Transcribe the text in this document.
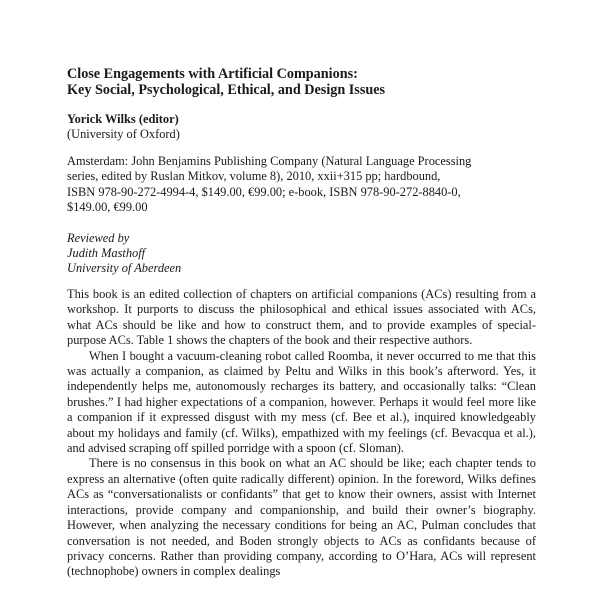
Close Engagements with Artificial Companions:
Key Social, Psychological, Ethical, and Design Issues
Yorick Wilks (editor)
(University of Oxford)
Amsterdam: John Benjamins Publishing Company (Natural Language Processing
series, edited by Ruslan Mitkov, volume 8), 2010, xxii+315 pp; hardbound,
ISBN 978-90-272-4994-4, $149.00, €99.00; e-book, ISBN 978-90-272-8840-0,
$149.00, €99.00
Reviewed by
Judith Masthoff
University of Aberdeen

This book is an edited collection of chapters on artificial companions (ACs) resulting from a workshop. It purports to discuss the philosophical and ethical issues associated with ACs, what ACs should be like and how to construct them, and to provide examples of special-purpose ACs. Table 1 shows the chapters of the book and their respective authors.

When I bought a vacuum-cleaning robot called Roomba, it never occurred to me that this was actually a companion, as claimed by Peltu and Wilks in this book’s afterword. Yes, it independently helps me, autonomously recharges its battery, and occasionally talks: “Clean brushes.” I had higher expectations of a companion, however. Perhaps it would feel more like a companion if it expressed disgust with my mess (cf. Bee et al.), inquired knowledgeably about my holidays and family (cf. Wilks), empathized with my feelings (cf. Bevacqua et al.), and advised scraping off spilled porridge with a spoon (cf. Sloman).

There is no consensus in this book on what an AC should be like; each chapter tends to express an alternative (often quite radically different) opinion. In the foreword, Wilks defines ACs as “conversationalists or confidants” that get to know their owners, assist with Internet interactions, provide company and companionship, and build their owner’s biography. However, when analyzing the necessary conditions for being an AC, Pulman concludes that conversation is not needed, and Boden strongly objects to ACs as confidants because of privacy concerns. Rather than providing company, according to O’Hara, ACs will represent (technophobe) owners in complex dealings
